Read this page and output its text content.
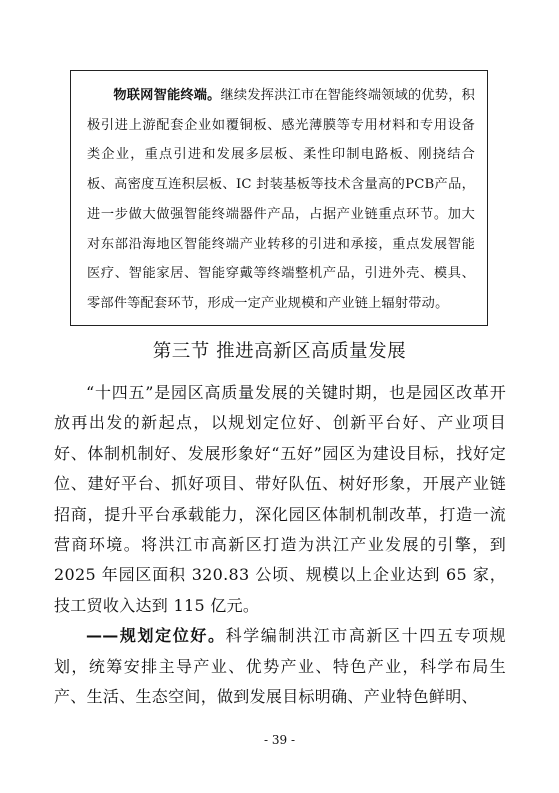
物联网智能终端。继续发挥洪江市在智能终端领域的优势，积极引进上游配套企业如覆铜板、感光薄膜等专用材料和专用设备类企业，重点引进和发展多层板、柔性印制电路板、刚挠结合板、高密度互连积层板、IC 封装基板等技术含量高的PCB产品，进一步做大做强智能终端器件产品，占据产业链重点环节。加大对东部沿海地区智能终端产业转移的引进和承接，重点发展智能医疗、智能家居、智能穿戴等终端整机产品，引进外壳、模具、零部件等配套环节，形成一定产业规模和产业链上辐射带动。

第三节 推进高新区高质量发展

“十四五”是园区高质量发展的关键时期，也是园区改革开放再出发的新起点，以规划定位好、创新平台好、产业项目好、体制机制好、发展形象好“五好”园区为建设目标，找好定位、建好平台、抓好项目、带好队伍、树好形象，开展产业链招商，提升平台承载能力，深化园区体制机制改革，打造一流营商环境。将洪江市高新区打造为洪江产业发展的引擎，到 2025 年园区面积 320.83 公顷、规模以上企业达到 65 家，技工贸收入达到 115 亿元。

——规划定位好。科学编制洪江市高新区十四五专项规划，统筹安排主导产业、优势产业、特色产业，科学布局生产、生活、生态空间，做到发展目标明确、产业特色鲜明、

- 39 -
